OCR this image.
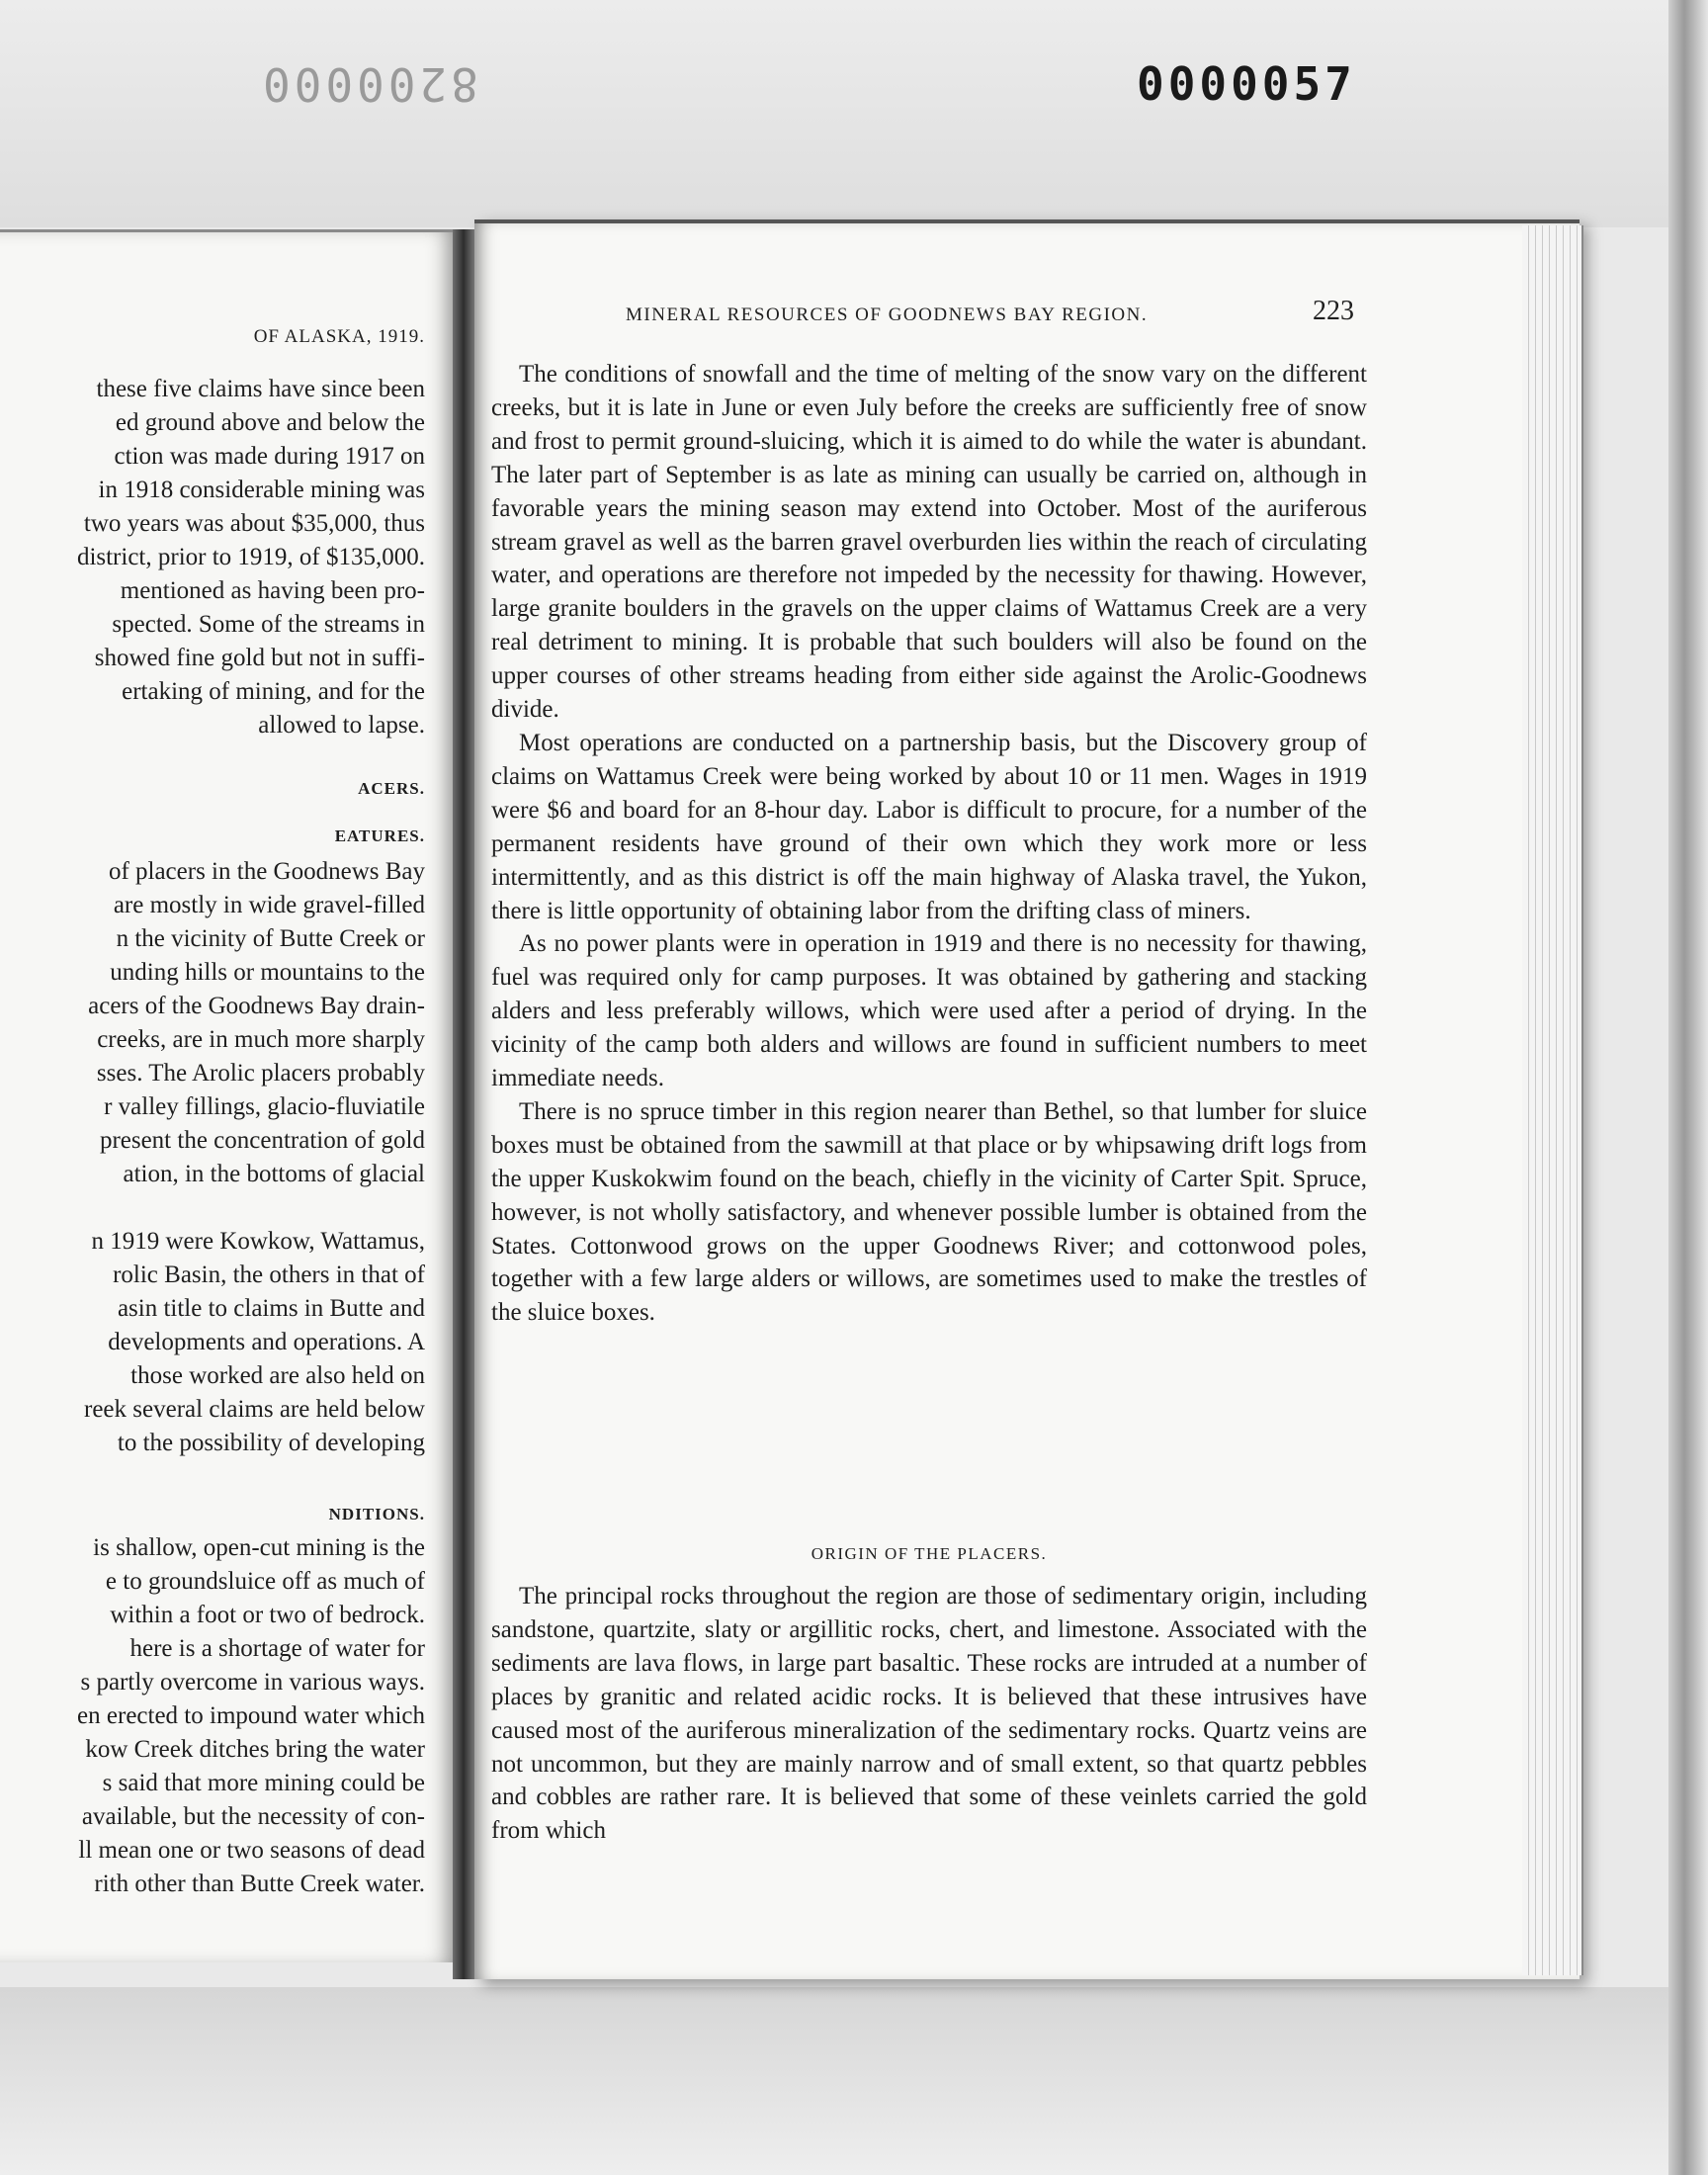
8200000	0000057
OF ALASKA, 1919.
these five claims have since been
ed ground above and below the
ction was made during 1917 on
in 1918 considerable mining was
two years was about $35,000, thus
district, prior to 1919, of $135,000.
mentioned as having been pro-
spected. Some of the streams in
showed fine gold but not in suffi-
ertaking of mining, and for the
allowed to lapse.
ACERS.
EATURES.
of placers in the Goodnews Bay
are mostly in wide gravel-filled
n the vicinity of Butte Creek or
unding hills or mountains to the
acers of the Goodnews Bay drain-
creeks, are in much more sharply
sses. The Arolic placers probably
r valley fillings, glacio-fluviatile
present the concentration of gold
ation, in the bottoms of glacial
n 1919 were Kowkow, Wattamus,
rolic Basin, the others in that of
asin title to claims in Butte and
developments and operations. A
those worked are also held on
reek several claims are held below
to the possibility of developing
NDITIONS.
is shallow, open-cut mining is the
e to groundsluice off as much of
within a foot or two of bedrock.
here is a shortage of water for
s partly overcome in various ways.
en erected to impound water which
kow Creek ditches bring the water
s said that more mining could be
available, but the necessity of con-
ll mean one or two seasons of dead
rith other than Butte Creek water.
MINERAL RESOURCES OF GOODNEWS BAY REGION.	223

The conditions of snowfall and the time of melting of the snow vary on the different creeks, but it is late in June or even July before the creeks are sufficiently free of snow and frost to permit ground-sluicing, which it is aimed to do while the water is abundant. The later part of September is as late as mining can usually be carried on, although in favorable years the mining season may extend into October. Most of the auriferous stream gravel as well as the barren gravel overburden lies within the reach of circulating water, and operations are therefore not impeded by the necessity for thawing. However, large granite boulders in the gravels on the upper claims of Wattamus Creek are a very real detriment to mining. It is probable that such boulders will also be found on the upper courses of other streams heading from either side against the Arolic-Goodnews divide.

Most operations are conducted on a partnership basis, but the Discovery group of claims on Wattamus Creek were being worked by about 10 or 11 men. Wages in 1919 were $6 and board for an 8-hour day. Labor is difficult to procure, for a number of the permanent residents have ground of their own which they work more or less intermittently, and as this district is off the main highway of Alaska travel, the Yukon, there is little opportunity of obtaining labor from the drifting class of miners.

As no power plants were in operation in 1919 and there is no necessity for thawing, fuel was required only for camp purposes. It was obtained by gathering and stacking alders and less preferably willows, which were used after a period of drying. In the vicinity of the camp both alders and willows are found in sufficient numbers to meet immediate needs.

There is no spruce timber in this region nearer than Bethel, so that lumber for sluice boxes must be obtained from the sawmill at that place or by whipsawing drift logs from the upper Kuskokwim found on the beach, chiefly in the vicinity of Carter Spit. Spruce, however, is not wholly satisfactory, and whenever possible lumber is obtained from the States. Cottonwood grows on the upper Goodnews River; and cottonwood poles, together with a few large alders or willows, are sometimes used to make the trestles of the sluice boxes.

ORIGIN OF THE PLACERS.

The principal rocks throughout the region are those of sedimentary origin, including sandstone, quartzite, slaty or argillitic rocks, chert, and limestone. Associated with the sediments are lava flows, in large part basaltic. These rocks are intruded at a number of places by granitic and related acidic rocks. It is believed that these intrusives have caused most of the auriferous mineralization of the sedimentary rocks. Quartz veins are not uncommon, but they are mainly narrow and of small extent, so that quartz pebbles and cobbles are rather rare. It is believed that some of these veinlets carried the gold from which
